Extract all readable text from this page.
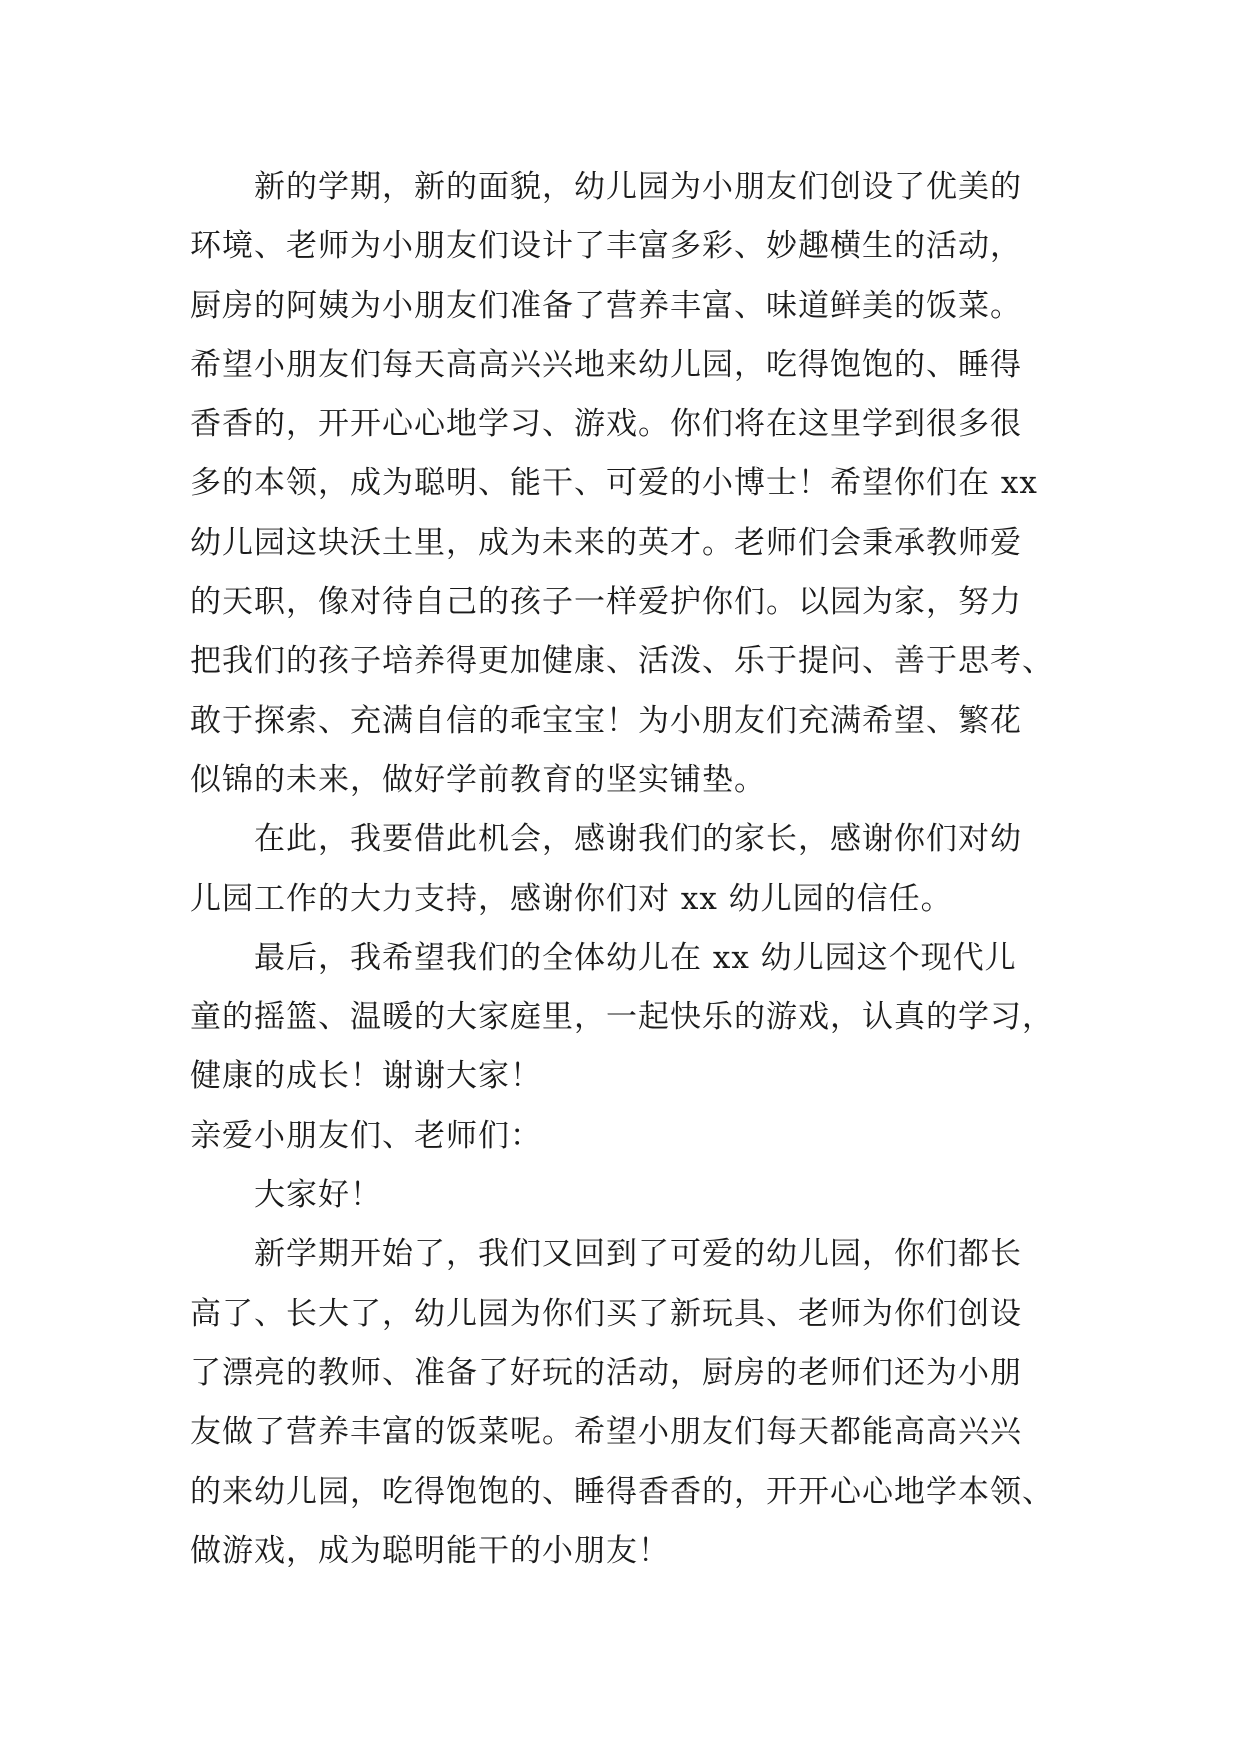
新的学期，新的面貌，幼儿园为小朋友们创设了优美的
环境、老师为小朋友们设计了丰富多彩、妙趣横生的活动，
厨房的阿姨为小朋友们准备了营养丰富、味道鲜美的饭菜。
希望小朋友们每天高高兴兴地来幼儿园，吃得饱饱的、睡得
香香的，开开心心地学习、游戏。你们将在这里学到很多很
多的本领，成为聪明、能干、可爱的小博士！希望你们在 xx
幼儿园这块沃土里，成为未来的英才。老师们会秉承教师爱
的天职，像对待自己的孩子一样爱护你们。以园为家，努力
把我们的孩子培养得更加健康、活泼、乐于提问、善于思考、
敢于探索、充满自信的乖宝宝！为小朋友们充满希望、繁花
似锦的未来，做好学前教育的坚实铺垫。
在此，我要借此机会，感谢我们的家长，感谢你们对幼
儿园工作的大力支持，感谢你们对 xx 幼儿园的信任。
最后，我希望我们的全体幼儿在 xx 幼儿园这个现代儿
童的摇篮、温暖的大家庭里，一起快乐的游戏，认真的学习，
健康的成长！谢谢大家！
亲爱小朋友们、老师们：
大家好！
新学期开始了，我们又回到了可爱的幼儿园，你们都长
高了、长大了，幼儿园为你们买了新玩具、老师为你们创设
了漂亮的教师、准备了好玩的活动，厨房的老师们还为小朋
友做了营养丰富的饭菜呢。希望小朋友们每天都能高高兴兴
的来幼儿园，吃得饱饱的、睡得香香的，开开心心地学本领、
做游戏，成为聪明能干的小朋友！
